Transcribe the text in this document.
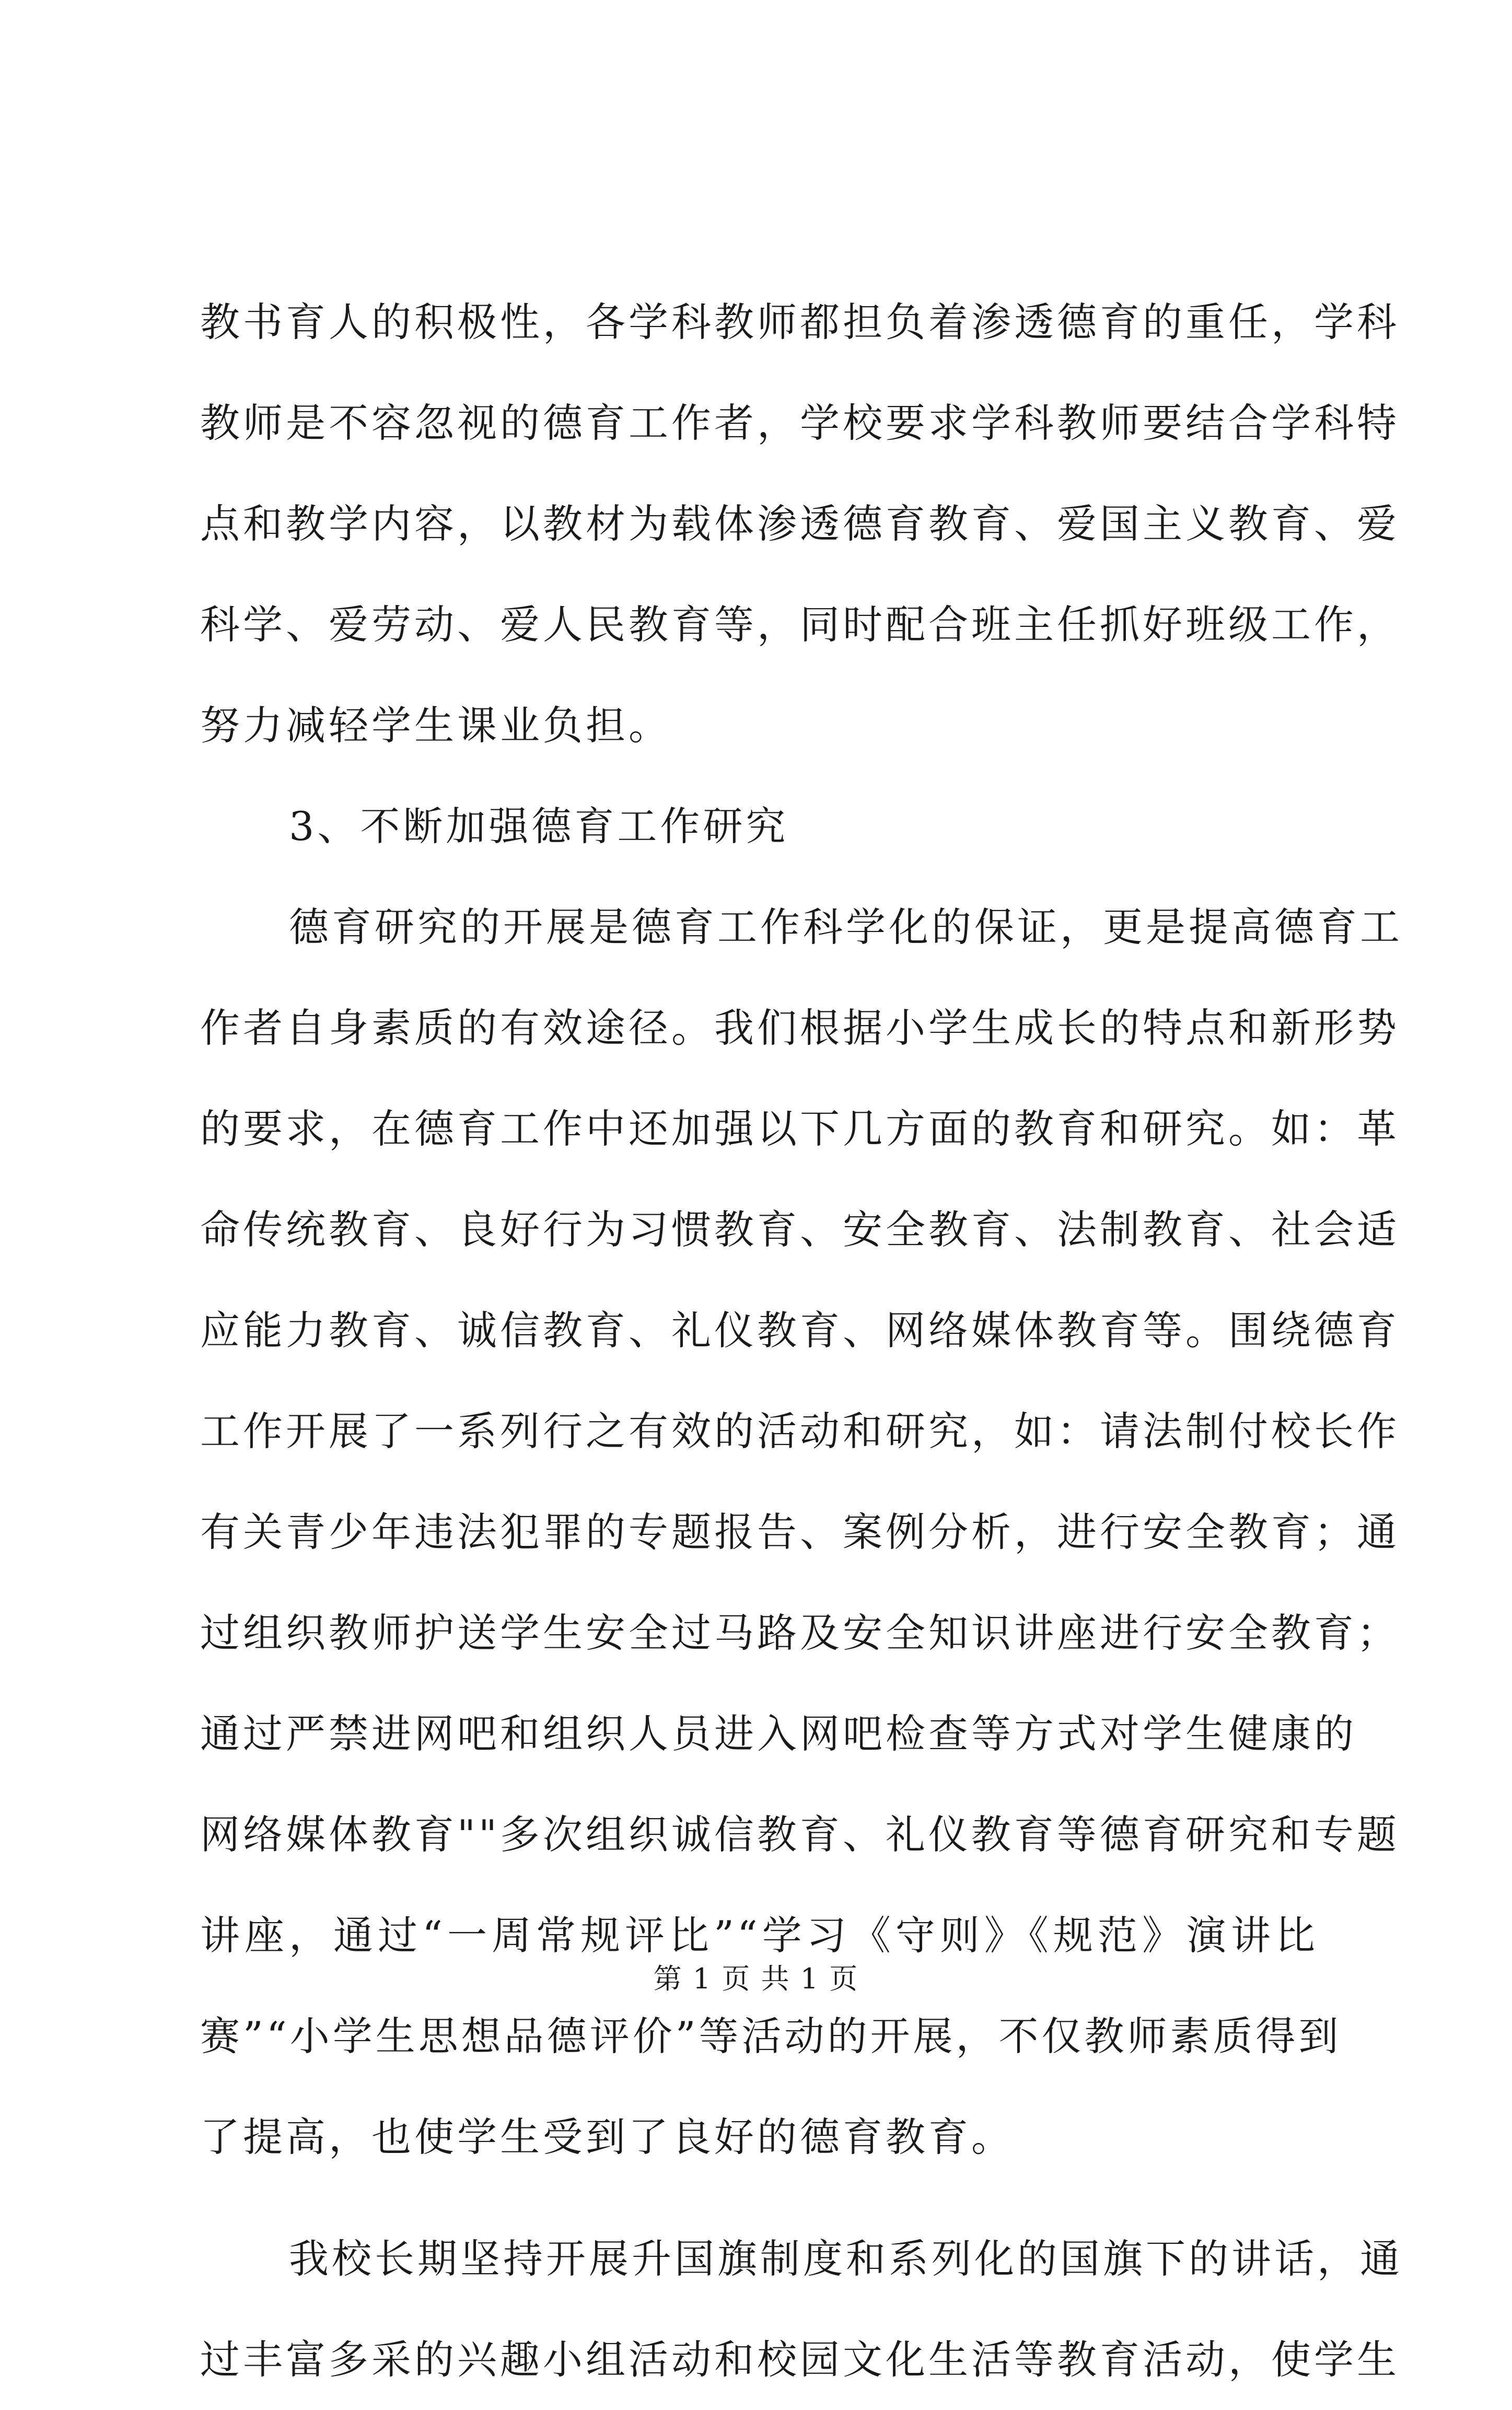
教书育人的积极性，各学科教师都担负着渗透德育的重任，学科
教师是不容忽视的德育工作者，学校要求学科教师要结合学科特
点和教学内容，以教材为载体渗透德育教育、爱国主义教育、爱
科学、爱劳动、爱人民教育等，同时配合班主任抓好班级工作，
努力减轻学生课业负担。
3、不断加强德育工作研究
德育研究的开展是德育工作科学化的保证，更是提高德育工
作者自身素质的有效途径。我们根据小学生成长的特点和新形势
的要求，在德育工作中还加强以下几方面的教育和研究。如：革
命传统教育、良好行为习惯教育、安全教育、法制教育、社会适
应能力教育、诚信教育、礼仪教育、网络媒体教育等。围绕德育
工作开展了一系列行之有效的活动和研究，如：请法制付校长作
有关青少年违法犯罪的专题报告、案例分析，进行安全教育；通
过组织教师护送学生安全过马路及安全知识讲座进行安全教育；
通过严禁进网吧和组织人员进入网吧检查等方式对学生健康的
网络媒体教育""多次组织诚信教育、礼仪教育等德育研究和专题
讲座，通过“一周常规评比”“学习《守则》《规范》演讲比
赛”“小学生思想品德评价”等活动的开展，不仅教师素质得到
了提高，也使学生受到了良好的德育教育。
我校长期坚持开展升国旗制度和系列化的国旗下的讲话，通
过丰富多采的兴趣小组活动和校园文化生活等教育活动，使学生
第 1 页 共 1 页
